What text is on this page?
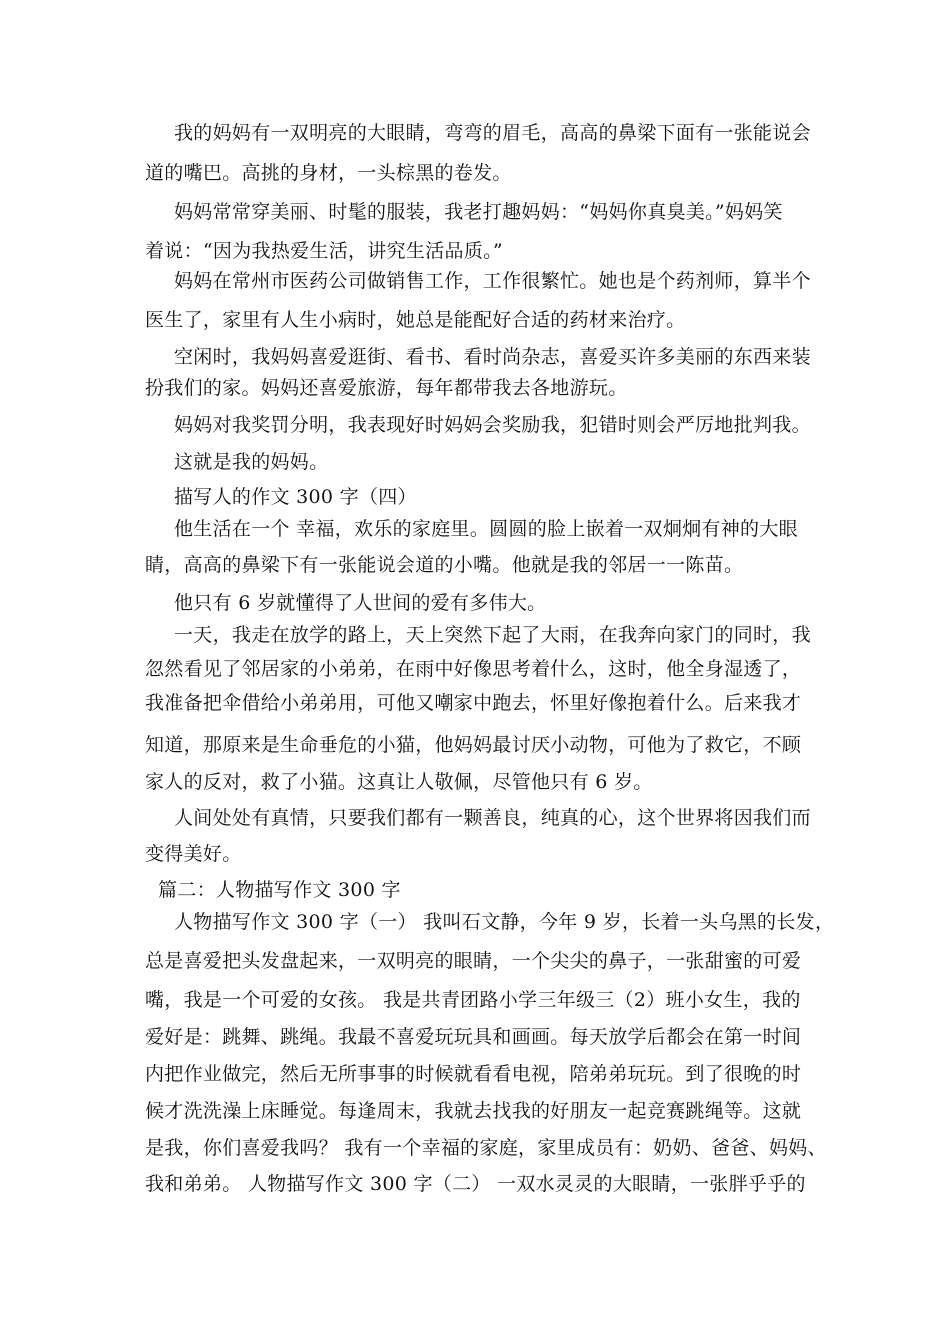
我的妈妈有一双明亮的大眼睛，弯弯的眉毛，高高的鼻梁下面有一张能说会
道的嘴巴。高挑的身材，一头棕黑的卷发。
妈妈常常穿美丽、时髦的服装，我老打趣妈妈：“妈妈你真臭美。”妈妈笑
着说：“因为我热爱生活，讲究生活品质。”
妈妈在常州市医药公司做销售工作，工作很繁忙。她也是个药剂师，算半个
医生了，家里有人生小病时，她总是能配好合适的药材来治疗。
空闲时，我妈妈喜爱逛街、看书、看时尚杂志，喜爱买许多美丽的东西来装
扮我们的家。妈妈还喜爱旅游，每年都带我去各地游玩。
妈妈对我奖罚分明，我表现好时妈妈会奖励我，犯错时则会严厉地批判我。
这就是我的妈妈。
描写人的作文 300 字（四）
他生活在一个 幸福，欢乐的家庭里。圆圆的脸上嵌着一双炯炯有神的大眼
睛，高高的鼻梁下有一张能说会道的小嘴。他就是我的邻居一一陈苗。
他只有 6 岁就懂得了人世间的爱有多伟大。
一天，我走在放学的路上，天上突然下起了大雨，在我奔向家门的同时，我
忽然看见了邻居家的小弟弟，在雨中好像思考着什么，这时，他全身湿透了，
我准备把伞借给小弟弟用，可他又嘲家中跑去，怀里好像抱着什么。后来我才
知道，那原来是生命垂危的小猫，他妈妈最讨厌小动物，可他为了救它，不顾
家人的反对，救了小猫。这真让人敬佩，尽管他只有 6 岁。
人间处处有真情，只要我们都有一颗善良，纯真的心，这个世界将因我们而
变得美好。
篇二：人物描写作文 300 字
人物描写作文 300 字（一） 我叫石文静，今年 9 岁，长着一头乌黑的长发，
总是喜爱把头发盘起来，一双明亮的眼睛，一个尖尖的鼻子，一张甜蜜的可爱
嘴，我是一个可爱的女孩。 我是共青团路小学三年级三（2）班小女生，我的
爱好是：跳舞、跳绳。我最不喜爱玩玩具和画画。每天放学后都会在第一时间
内把作业做完，然后无所事事的时候就看看电视，陪弟弟玩玩。到了很晚的时
候才洗洗澡上床睡觉。每逢周末，我就去找我的好朋友一起竞赛跳绳等。这就
是我，你们喜爱我吗？ 我有一个幸福的家庭，家里成员有：奶奶、爸爸、妈妈、
我和弟弟。 人物描写作文 300 字（二） 一双水灵灵的大眼睛，一张胖乎乎的
